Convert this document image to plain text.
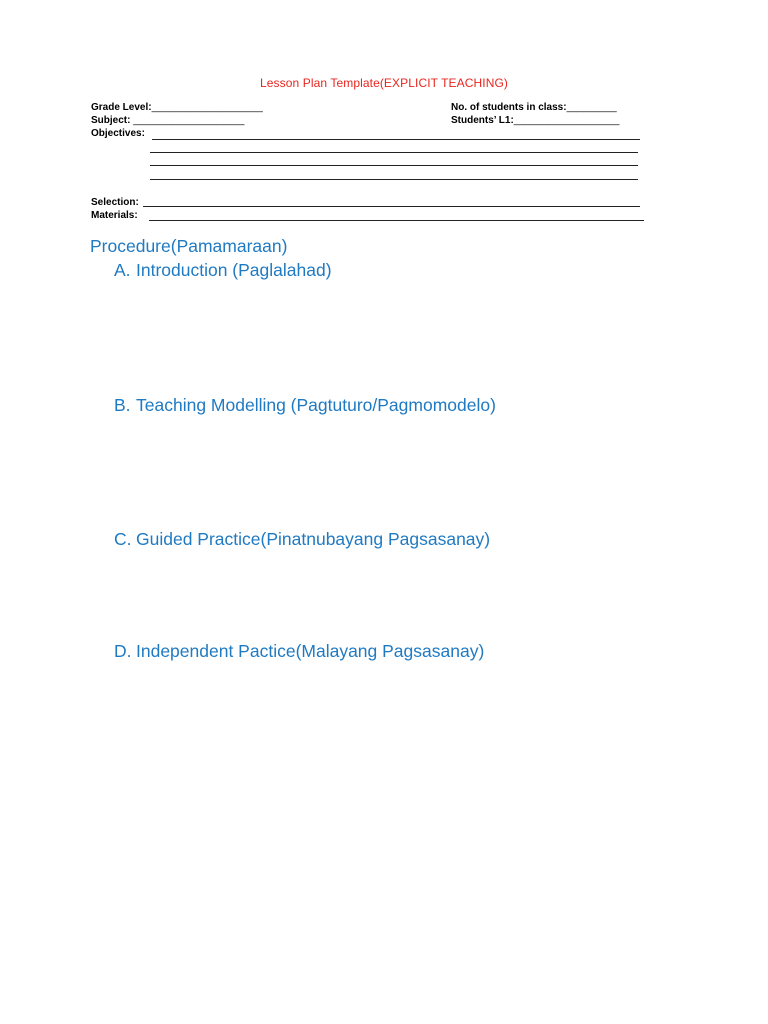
Lesson Plan Template(EXPLICIT TEACHING)
Grade Level:____________________
Subject: ____________________
Objectives:
No. of students in class:_________
Students’ L1:___________________
Selection:
Materials:
Procedure(Pamamaraan)
A. Introduction (Paglalahad)
B. Teaching Modelling (Pagtuturo/Pagmomodelo)
C. Guided Practice(Pinatnubayang Pagsasanay)
D. Independent Pactice(Malayang Pagsasanay)
